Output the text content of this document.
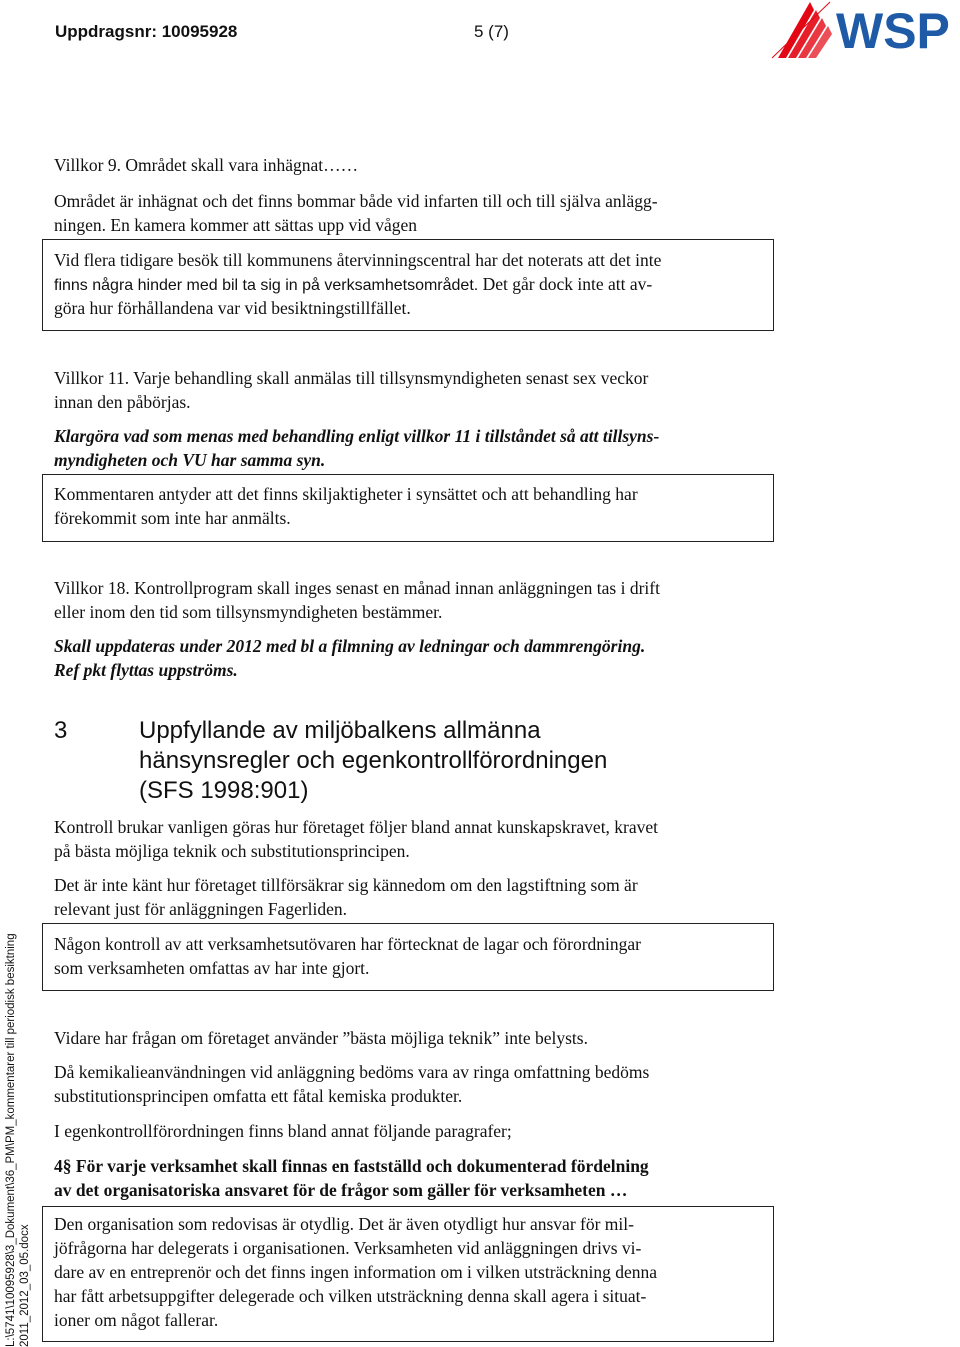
Uppdragsnr: 10095928	5 (7)	WSP
L:\5741\10095928\3_Dokument\36_PM\PM_kommentarer till periodisk besiktning 2011_2012_03_05.docx

Villkor 9. Området skall vara inhägnat……

Området är inhägnat och det finns bommar både vid infarten till och till själva anlägg-

ningen. En kamera kommer att sättas upp vid vågen

Vid flera tidigare besök till kommunens återvinningscentral har det noterats att det inte

finns några hinder med bil ta sig in på verksamhetsområdet. Det går dock inte att av-

göra hur förhållandena var vid besiktningstillfället.

Villkor 11. Varje behandling skall anmälas till tillsynsmyndigheten senast sex veckor

innan den påbörjas.

Klargöra vad som menas med behandling enligt villkor 11 i tillståndet så att tillsyns-

myndigheten och VU har samma syn.

Kommentaren antyder att det finns skiljaktigheter i synsättet och att behandling har

förekommit som inte har anmälts.

Villkor 18. Kontrollprogram skall inges senast en månad innan anläggningen tas i drift

eller inom den tid som tillsynsmyndigheten bestämmer.

Skall uppdateras under 2012 med bl a filmning av ledningar och dammrengöring.

Ref pkt flyttas uppströms.

3	Uppfyllande av miljöbalkens allmänna
hänsynsregler och egenkontrollförordningen
(SFS 1998:901)

Kontroll brukar vanligen göras hur företaget följer bland annat kunskapskravet, kravet

på bästa möjliga teknik och substitutionsprincipen.

Det är inte känt hur företaget tillförsäkrar sig kännedom om den lagstiftning som är

relevant just för anläggningen Fagerliden.

Någon kontroll av att verksamhetsutövaren har förtecknat de lagar och förordningar

som verksamheten omfattas av har inte gjort.

Vidare har frågan om företaget använder ”bästa möjliga teknik” inte belysts.

Då kemikalieanvändningen vid anläggning bedöms vara av ringa omfattning bedöms

substitutionsprincipen omfatta ett fåtal kemiska produkter.

I egenkontrollförordningen finns bland annat följande paragrafer;

4§ För varje verksamhet skall finnas en fastställd och dokumenterad fördelning

av det organisatoriska ansvaret för de frågor som gäller för verksamheten …

Den organisation som redovisas är otydlig. Det är även otydligt hur ansvar för mil-

jöfrågorna har delegerats i organisationen. Verksamheten vid anläggningen drivs vi-

dare av en entreprenör och det finns ingen information om i vilken utsträckning denna

har fått arbetsuppgifter delegerade och vilken utsträckning denna skall agera i situat-

ioner om något fallerar.
